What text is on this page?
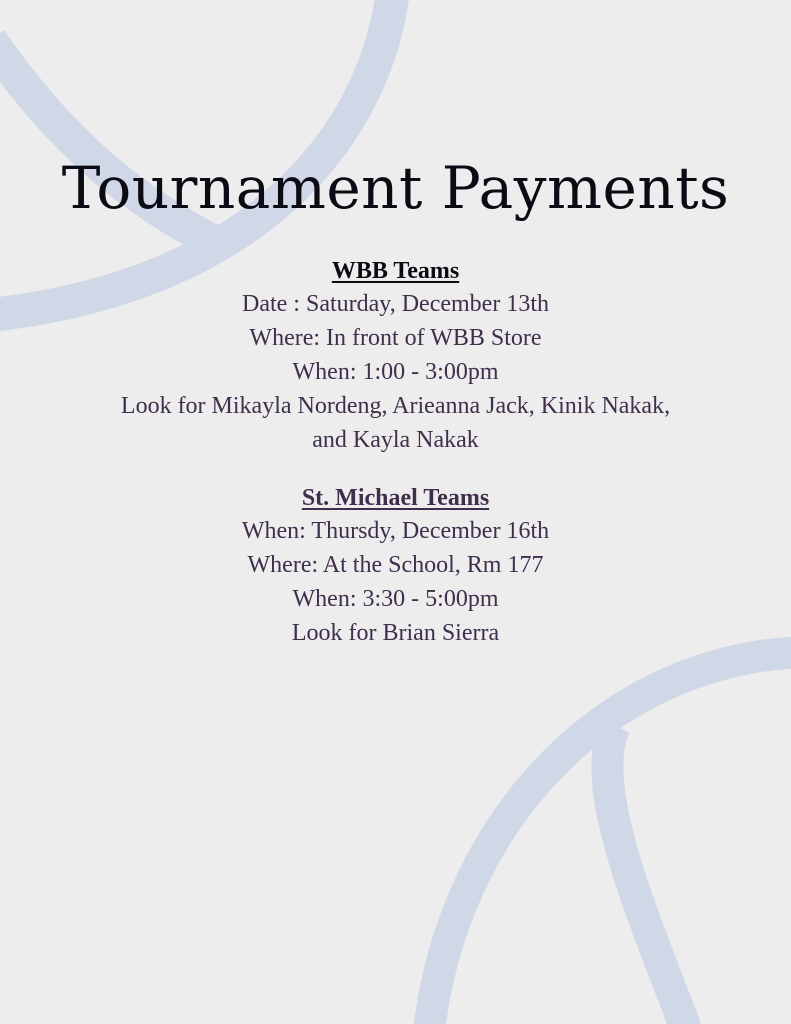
Tournament Payments

WBB Teams

Date : Saturday, December 13th

Where: In front of WBB Store

When: 1:00 - 3:00pm

Look for Mikayla Nordeng, Arieanna Jack, Kinik Nakak,

and Kayla Nakak

St. Michael Teams

When: Thursdy, December 16th

Where: At the School, Rm 177

When: 3:30 - 5:00pm

Look for Brian Sierra
